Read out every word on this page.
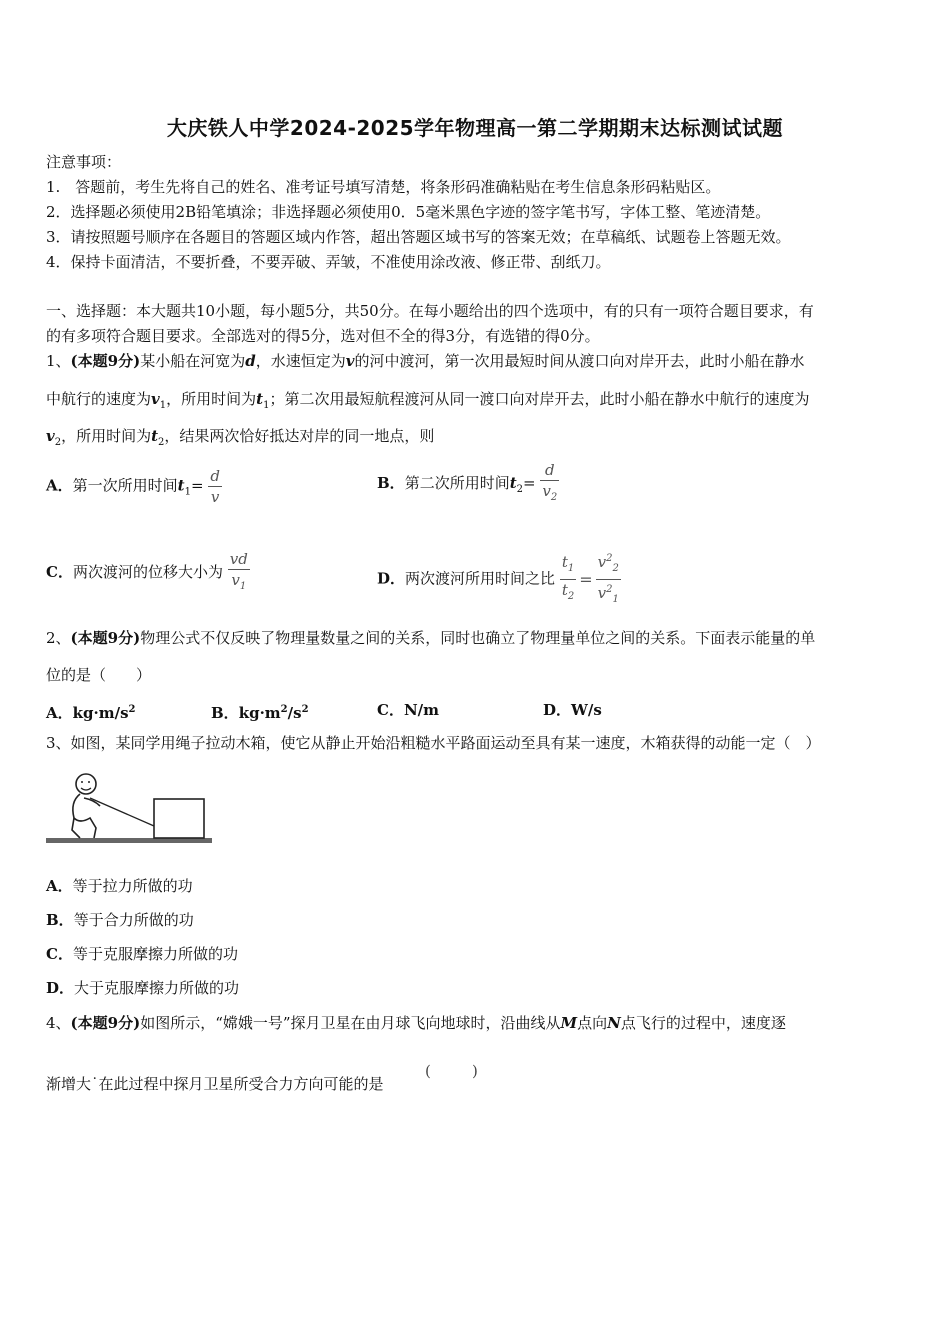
大庆铁人中学2024-2025学年物理高一第二学期期末达标测试试题
注意事项：
1.　答题前，考生先将自己的姓名、准考证号填写清楚，将条形码准确粘贴在考生信息条形码粘贴区。
2．选择题必须使用2B铅笔填涂；非选择题必须使用0．5毫米黑色字迹的签字笔书写，字体工整、笔迹清楚。
3．请按照题号顺序在各题目的答题区域内作答，超出答题区域书写的答案无效；在草稿纸、试题卷上答题无效。
4．保持卡面清洁，不要折叠，不要弄破、弄皱，不准使用涂改液、修正带、刮纸刀。
一、选择题：本大题共10小题，每小题5分，共50分。在每小题给出的四个选项中，有的只有一项符合题目要求，有
的有多项符合题目要求。全部选对的得5分，选对但不全的得3分，有选错的得0分。
1、(本题9分)某小船在河宽为d，水速恒定为v的河中渡河，第一次用最短时间从渡口向对岸开去，此时小船在静水
中航行的速度为$v_1$，所用时间为$t_1$；第二次用最短航程渡河从同一渡口向对岸开去，此时小船在静水中航行的速度为
$v_2$，所用时间为$t_2$，结果两次恰好抵达对岸的同一地点，则
A．第一次所用时间$t_1= \frac{d}{v}$	B．第二次所用时间$t_2= \frac{d}{v_2}$
C．两次渡河的位移大小为 $\frac{vd}{v_1}$	D．两次渡河所用时间之比 $\frac{t_1}{t_2} = \frac{v^2_2}{v^2_1}$
2、(本题9分)物理公式不仅反映了物理量数量之间的关系，同时也确立了物理量单位之间的关系。下面表示能量的单
位的是（　　）
A．$kg\cdot m/s^2$	B．$kg\cdot m^2/s^2$	C．N/m	D．W/s
3、如图，某同学用绳子拉动木箱，使它从静止开始沿粗糙水平路面运动至具有某一速度，木箱获得的动能一定（　）
A．等于拉力所做的功
B．等于合力所做的功
C．等于克服摩擦力所做的功
D．大于克服摩擦力所做的功
4、(本题9分)如图所示，“嫦娥一号”探月卫星在由月球飞向地球时，沿曲线从M点向N点飞行的过程中，速度逐
渐增大˙在此过程中探月卫星所受合力方向可能的是
(	)
